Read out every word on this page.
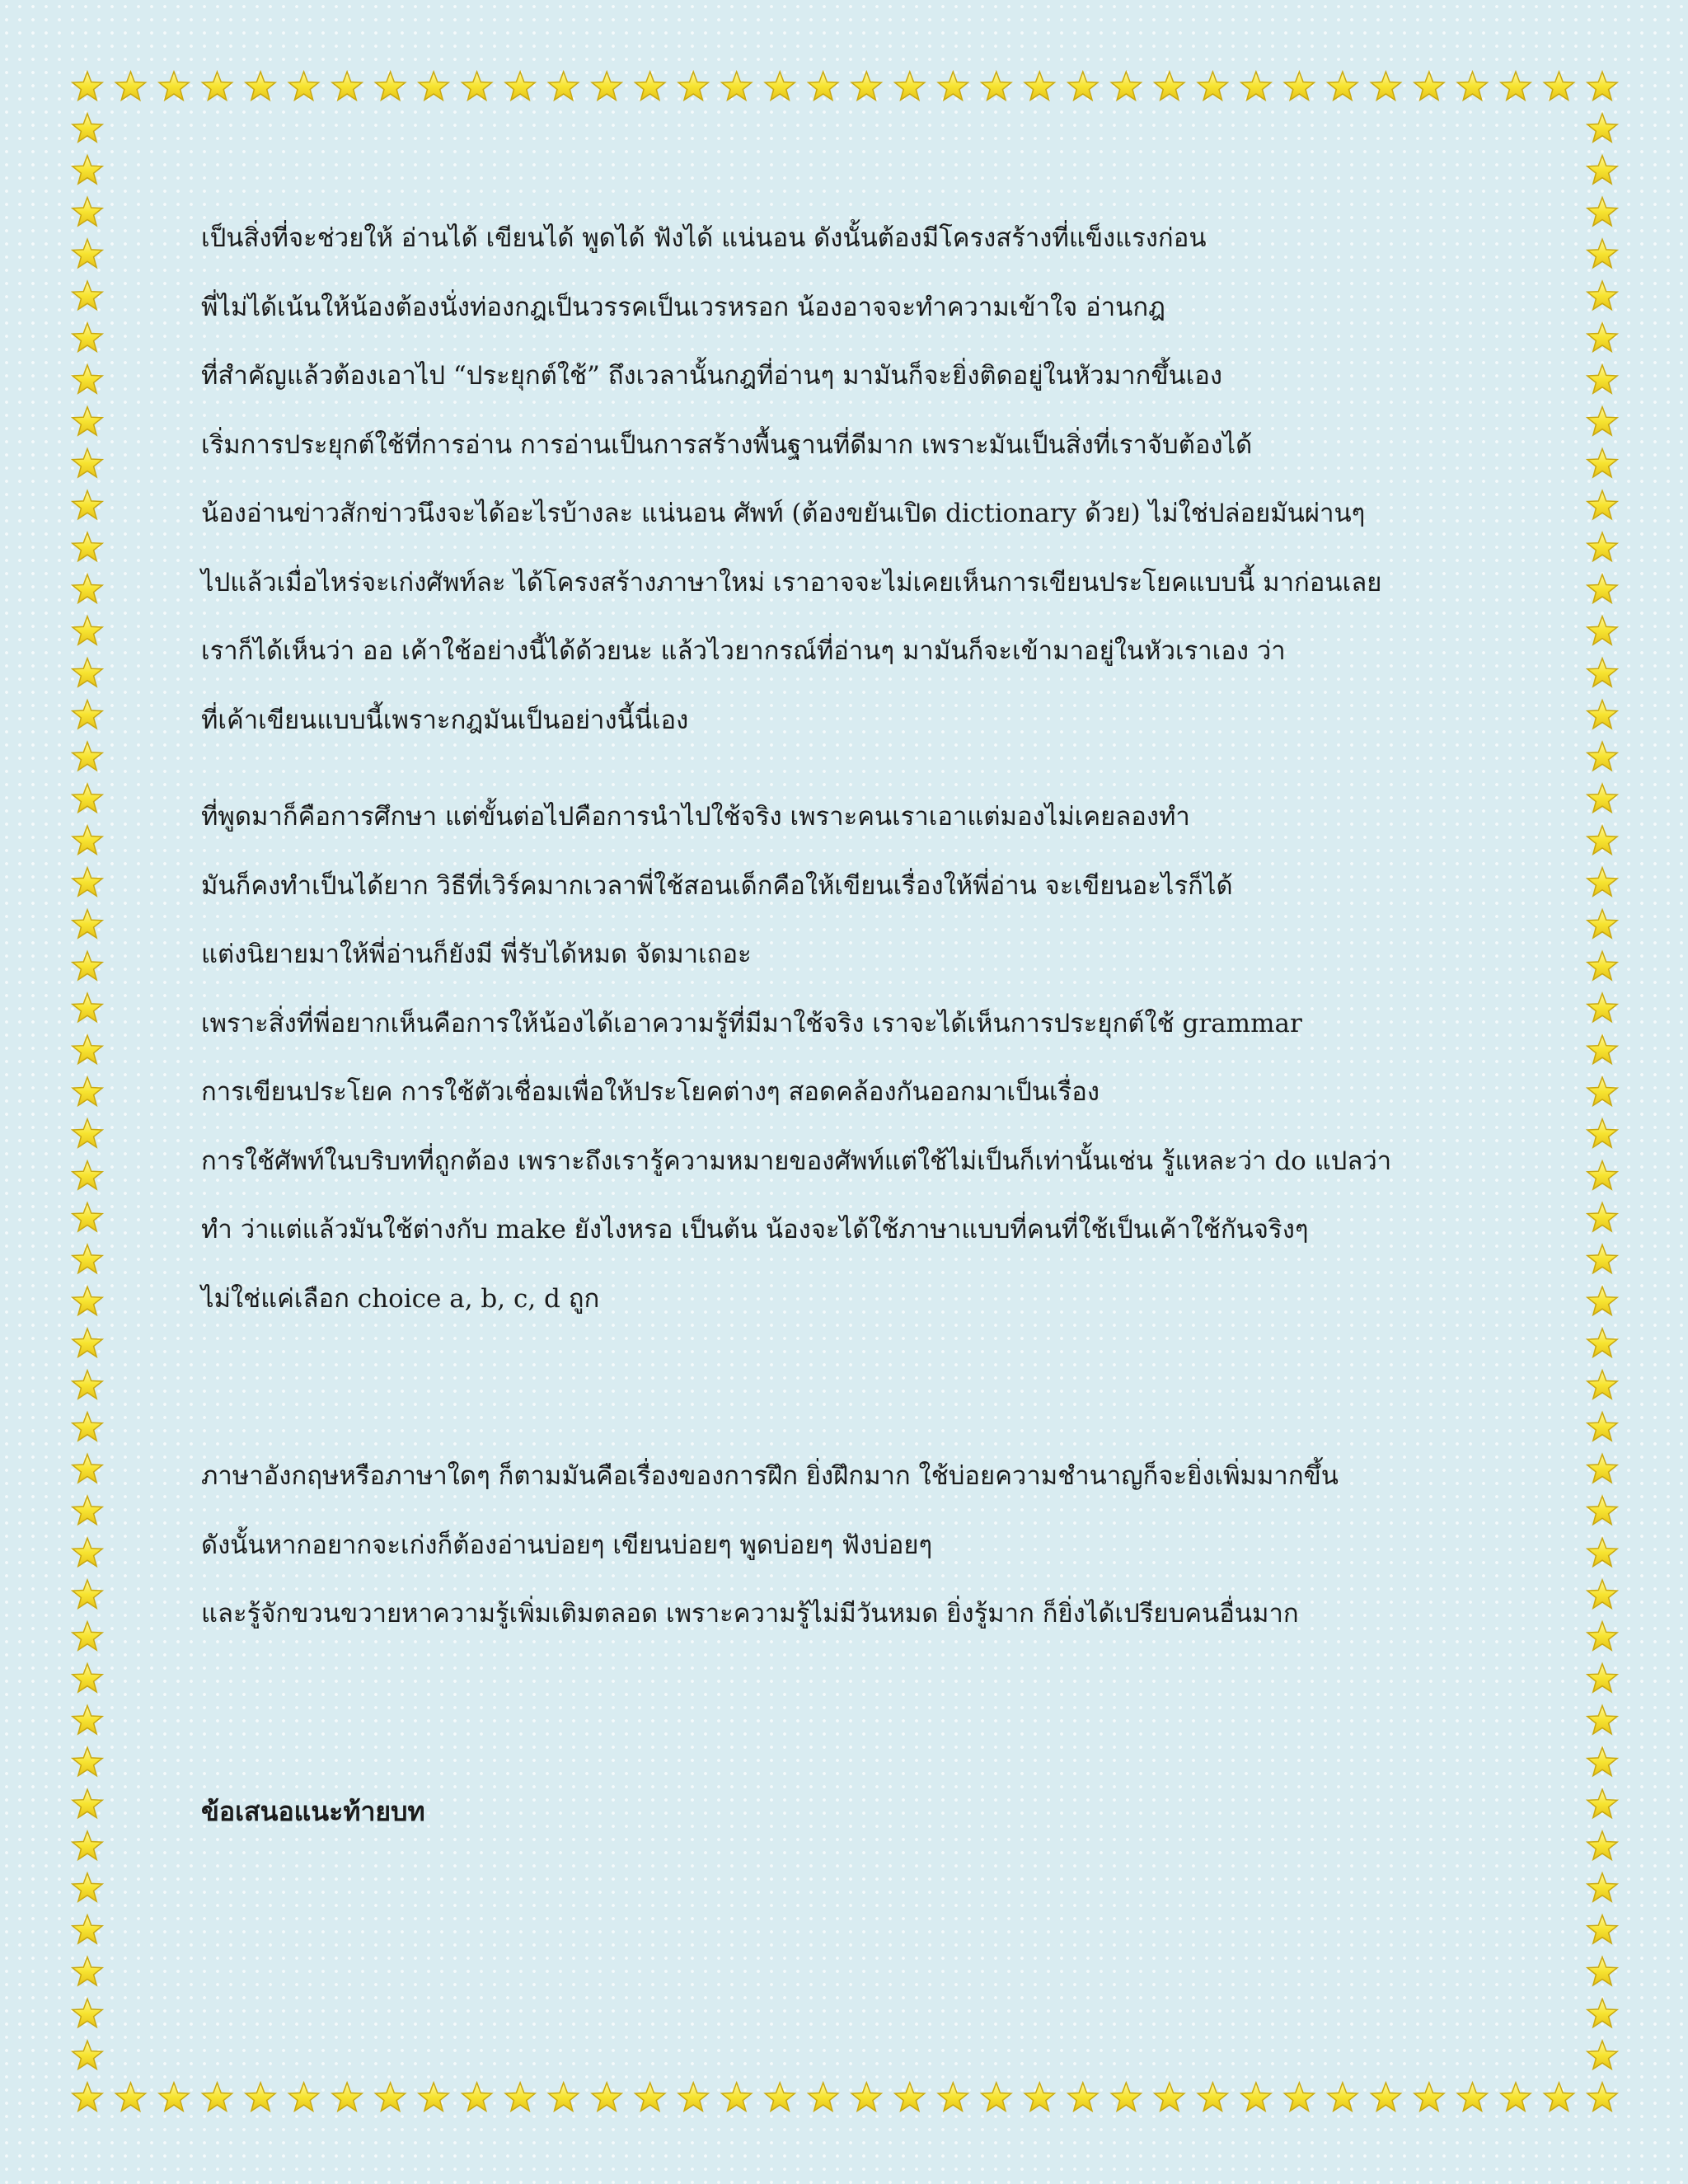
เป็นสิ่งที่จะช่วยให้ อ่านได้ เขียนได้ พูดได้ ฟังได้ แน่นอน ดังนั้นต้องมีโครงสร้างที่แข็งแรงก่อน
พี่ไม่ได้เน้นให้น้องต้องนั่งท่องกฎเป็นวรรคเป็นเวรหรอก น้องอาจจะทำความเข้าใจ อ่านกฎ
ที่สำคัญแล้วต้องเอาไป “ประยุกต์ใช้” ถึงเวลานั้นกฎที่อ่านๆ มามันก็จะยิ่งติดอยู่ในหัวมากขึ้นเอง
เริ่มการประยุกต์ใช้ที่การอ่าน การอ่านเป็นการสร้างพื้นฐานที่ดีมาก เพราะมันเป็นสิ่งที่เราจับต้องได้
น้องอ่านข่าวสักข่าวนึงจะได้อะไรบ้างละ แน่นอน ศัพท์ (ต้องขยันเปิด dictionary ด้วย) ไม่ใช่ปล่อยมันผ่านๆ
ไปแล้วเมื่อไหร่จะเก่งศัพท์ละ ได้โครงสร้างภาษาใหม่ เราอาจจะไม่เคยเห็นการเขียนประโยคแบบนี้ มาก่อนเลย
เราก็ได้เห็นว่า ออ เค้าใช้อย่างนี้ได้ด้วยนะ แล้วไวยากรณ์ที่อ่านๆ มามันก็จะเข้ามาอยู่ในหัวเราเอง ว่า
ที่เค้าเขียนแบบนี้เพราะกฎมันเป็นอย่างนี้นี่เอง
ที่พูดมาก็คือการศึกษา แต่ขั้นต่อไปคือการนำไปใช้จริง เพราะคนเราเอาแต่มองไม่เคยลองทำ
มันก็คงทำเป็นได้ยาก วิธีที่เวิร์คมากเวลาพี่ใช้สอนเด็กคือให้เขียนเรื่องให้พี่อ่าน จะเขียนอะไรก็ได้
แต่งนิยายมาให้พี่อ่านก็ยังมี พี่รับได้หมด จัดมาเถอะ
เพราะสิ่งที่พี่อยากเห็นคือการให้น้องได้เอาความรู้ที่มีมาใช้จริง เราจะได้เห็นการประยุกต์ใช้ grammar
การเขียนประโยค การใช้ตัวเชื่อมเพื่อให้ประโยคต่างๆ สอดคล้องกันออกมาเป็นเรื่อง
การใช้ศัพท์ในบริบทที่ถูกต้อง เพราะถึงเรารู้ความหมายของศัพท์แต่ใช้ไม่เป็นก็เท่านั้นเช่น รู้แหละว่า do แปลว่า
ทำ ว่าแต่แล้วมันใช้ต่างกับ make ยังไงหรอ เป็นต้น น้องจะได้ใช้ภาษาแบบที่คนที่ใช้เป็นเค้าใช้กันจริงๆ
ไม่ใช่แค่เลือก choice a, b, c, d ถูก
ภาษาอังกฤษหรือภาษาใดๆ ก็ตามมันคือเรื่องของการฝึก ยิ่งฝึกมาก ใช้บ่อยความชำนาญก็จะยิ่งเพิ่มมากขึ้น
ดังนั้นหากอยากจะเก่งก็ต้องอ่านบ่อยๆ เขียนบ่อยๆ พูดบ่อยๆ ฟังบ่อยๆ
และรู้จักขวนขวายหาความรู้เพิ่มเติมตลอด เพราะความรู้ไม่มีวันหมด ยิ่งรู้มาก ก็ยิ่งได้เปรียบคนอื่นมาก
ข้อเสนอแนะท้ายบท
